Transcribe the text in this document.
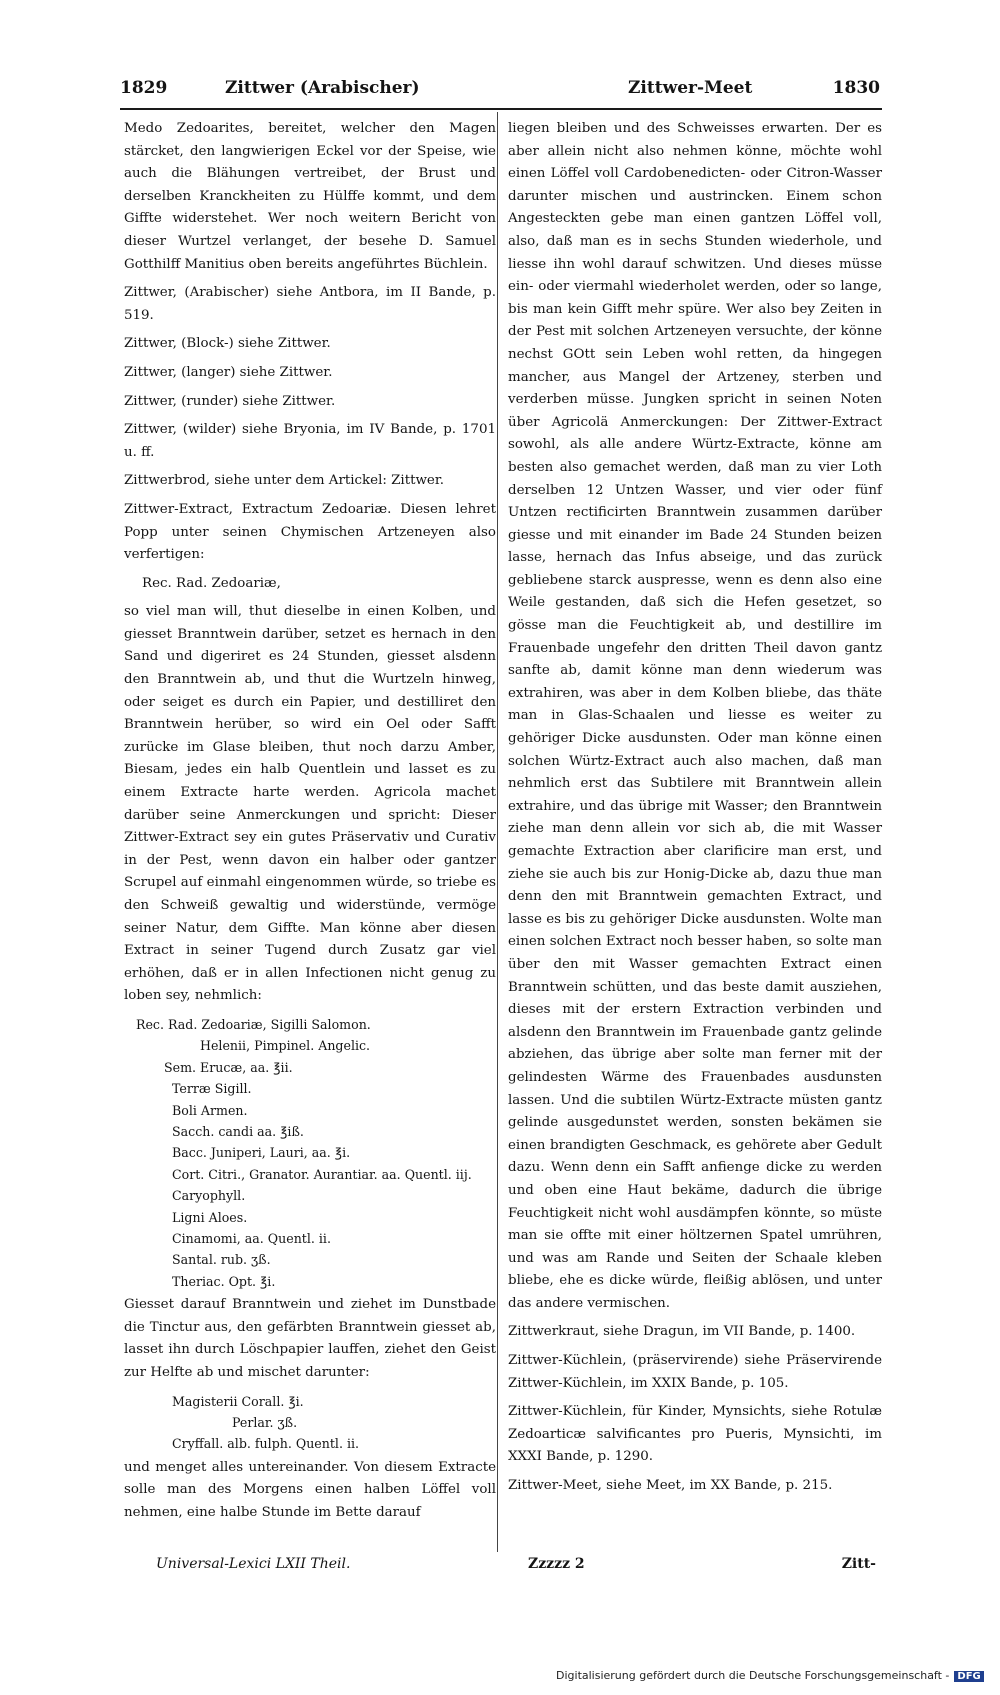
1829	Zittwer (Arabischer)	Zittwer-Meet	1830

Medo Zedoarites, bereitet, welcher den Magen stärcket, den langwierigen Eckel vor der Speise, wie auch die Blähungen vertreibet, der Brust und derselben Kranckheiten zu Hülffe kommt, und dem Giffte widerstehet. Wer noch weitern Bericht von dieser Wurtzel verlanget, der besehe D. Samuel Gotthilff Manitius oben bereits angeführtes Büchlein.

Zittwer, (Arabischer) siehe Antbora, im II Bande, p. 519.

Zittwer, (Block-) siehe Zittwer.

Zittwer, (langer) siehe Zittwer.

Zittwer, (runder) siehe Zittwer.

Zittwer, (wilder) siehe Bryonia, im IV Bande, p. 1701 u. ff.

Zittwerbrod, siehe unter dem Artickel: Zittwer.

Zittwer-Extract, Extractum Zedoariæ. Diesen lehret Popp unter seinen Chymischen Artzeneyen also verfertigen:

Rec. Rad. Zedoariæ,

so viel man will, thut dieselbe in einen Kolben, und giesset Branntwein darüber, setzet es hernach in den Sand und digeriret es 24 Stunden, giesset alsdenn den Branntwein ab, und thut die Wurtzeln hinweg, oder seiget es durch ein Papier, und destilliret den Branntwein herüber, so wird ein Oel oder Safft zurücke im Glase bleiben, thut noch darzu Amber, Biesam, jedes ein halb Quentlein und lasset es zu einem Extracte harte werden. Agricola machet darüber seine Anmerckungen und spricht: Dieser Zittwer-Extract sey ein gutes Präservativ und Curativ in der Pest, wenn davon ein halber oder gantzer Scrupel auf einmahl eingenommen würde, so triebe es den Schweiß gewaltig und widerstünde, vermöge seiner Natur, dem Giffte. Man könne aber diesen Extract in seiner Tugend durch Zusatz gar viel erhöhen, daß er in allen Infectionen nicht genug zu loben sey, nehmlich:

Rec. Rad. Zedoariæ, Sigilli Salomon.
Helenii, Pimpinel. Angelic.
Sem. Erucæ, aa. ℥ii.
Terræ Sigill.
Boli Armen.
Sacch. candi aa. ℥iß.
Bacc. Juniperi, Lauri, aa. ℥i.
Cort. Citri., Granator. Aurantiar. aa. Quentl. iij.
Caryophyll.
Ligni Aloes.
Cinamomi, aa. Quentl. ii.
Santal. rub. ʒß.
Theriac. Opt. ℥i.

Giesset darauf Branntwein und ziehet im Dunstbade die Tinctur aus, den gefärbten Branntwein giesset ab, lasset ihn durch Löschpapier lauffen, ziehet den Geist zur Helfte ab und mischet darunter:

Magisterii Corall. ℥i.
Perlar. ʒß.
Cryffall. alb. fulph. Quentl. ii.

und menget alles untereinander. Von diesem Extracte solle man des Morgens einen halben Löffel voll nehmen, eine halbe Stunde im Bette darauf

liegen bleiben und des Schweisses erwarten. Der es aber allein nicht also nehmen könne, möchte wohl einen Löffel voll Cardobenedicten- oder Citron-Wasser darunter mischen und austrincken. Einem schon Angesteckten gebe man einen gantzen Löffel voll, also, daß man es in sechs Stunden wiederhole, und liesse ihn wohl darauf schwitzen. Und dieses müsse ein- oder viermahl wiederholet werden, oder so lange, bis man kein Gifft mehr spüre. Wer also bey Zeiten in der Pest mit solchen Artzeneyen versuchte, der könne nechst GOtt sein Leben wohl retten, da hingegen mancher, aus Mangel der Artzeney, sterben und verderben müsse. Jungken spricht in seinen Noten über Agricolä Anmerckungen: Der Zittwer-Extract sowohl, als alle andere Würtz-Extracte, könne am besten also gemachet werden, daß man zu vier Loth derselben 12 Untzen Wasser, und vier oder fünf Untzen rectificirten Branntwein zusammen darüber giesse und mit einander im Bade 24 Stunden beizen lasse, hernach das Infus abseige, und das zurück gebliebene starck auspresse, wenn es denn also eine Weile gestanden, daß sich die Hefen gesetzet, so gösse man die Feuchtigkeit ab, und destillire im Frauenbade ungefehr den dritten Theil davon gantz sanfte ab, damit könne man denn wiederum was extrahiren, was aber in dem Kolben bliebe, das thäte man in Glas-Schaalen und liesse es weiter zu gehöriger Dicke ausdunsten. Oder man könne einen solchen Würtz-Extract auch also machen, daß man nehmlich erst das Subtilere mit Branntwein allein extrahire, und das übrige mit Wasser; den Branntwein ziehe man denn allein vor sich ab, die mit Wasser gemachte Extraction aber clarificire man erst, und ziehe sie auch bis zur Honig-Dicke ab, dazu thue man denn den mit Branntwein gemachten Extract, und lasse es bis zu gehöriger Dicke ausdunsten. Wolte man einen solchen Extract noch besser haben, so solte man über den mit Wasser gemachten Extract einen Branntwein schütten, und das beste damit ausziehen, dieses mit der erstern Extraction verbinden und alsdenn den Branntwein im Frauenbade gantz gelinde abziehen, das übrige aber solte man ferner mit der gelindesten Wärme des Frauenbades ausdunsten lassen. Und die subtilen Würtz-Extracte müsten gantz gelinde ausgedunstet werden, sonsten bekämen sie einen brandigten Geschmack, es gehörete aber Gedult dazu. Wenn denn ein Safft anfienge dicke zu werden und oben eine Haut bekäme, dadurch die übrige Feuchtigkeit nicht wohl ausdämpfen könnte, so müste man sie offte mit einer höltzernen Spatel umrühren, und was am Rande und Seiten der Schaale kleben bliebe, ehe es dicke würde, fleißig ablösen, und unter das andere vermischen.

Zittwerkraut, siehe Dragun, im VII Bande, p. 1400.

Zittwer-Küchlein, (präservirende) siehe Präservirende Zittwer-Küchlein, im XXIX Bande, p. 105.

Zittwer-Küchlein, für Kinder, Mynsichts, siehe Rotulæ Zedoarticæ salvificantes pro Pueris, Mynsichti, im XXXI Bande, p. 1290.

Zittwer-Meet, siehe Meet, im XX Bande, p. 215.

Universal-Lexici LXII Theil.	Zzzzz 2	Zitt-
Digitalisierung gefördert durch die Deutsche Forschungsgemeinschaft - DFG
